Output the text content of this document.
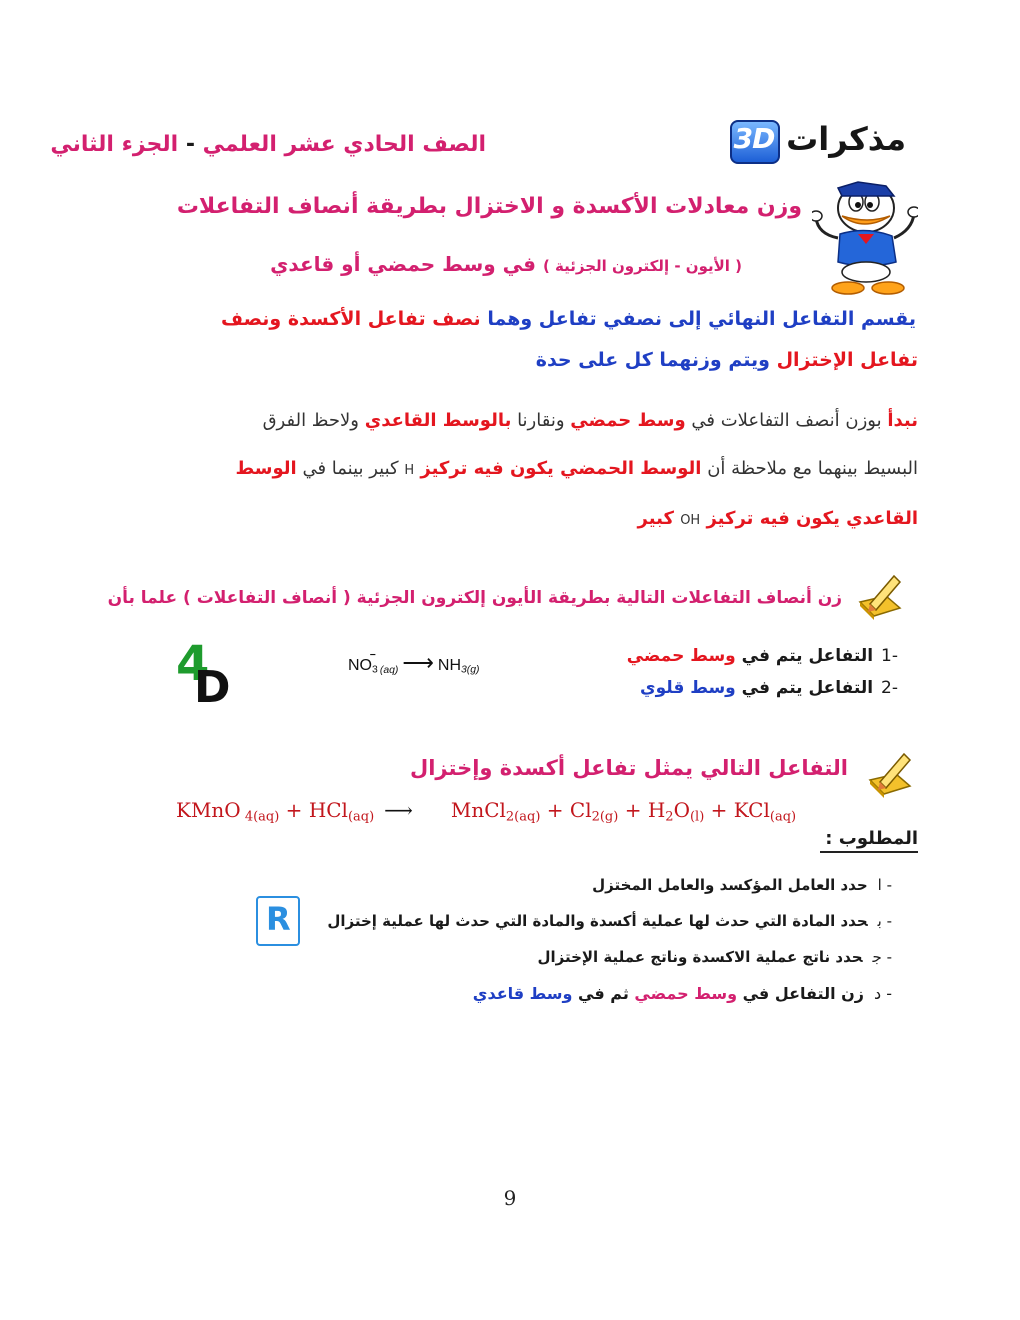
3D مذكرات
الصف الحادي عشر العلمي - الجزء الثاني
وزن معادلات الأكسدة و الاختزال بطريقة أنصاف التفاعلات
( الأيون - إلكترون الجزئية ) في وسط حمضي أو قاعدي
يقسم التفاعل النهائي إلى نصفي تفاعل وهما نصف تفاعل الأكسدة ونصف
تفاعل الإختزال ويتم وزنهما كل على حدة
نبدأ بوزن أنصف التفاعلات في وسط حمضي ونقارنا بالوسط القاعدي ولاحظ الفرق
البسيط بينهما مع ملاحظة أن الوسط الحمضي يكون فيه تركيز H كبير بينما في الوسط
القاعدي يكون فيه تركيز OH كبير
زن أنصاف التفاعلات التالية بطريقة الأيون إلكترون الجزئية ( أنصاف التفاعلات ) علما بأن
4
D	$NO_3^-_{(aq)}$ ⟶ $NH_{3(g)}$
-1التفاعل يتم في وسط حمضي
-2التفاعل يتم في وسط قلوي
التفاعل التالي يمثل تفاعل أكسدة وإختزال
KMnO $_{4(aq)}$ + HCl$_{(aq)}$ ⟶ MnCl$_{2(aq)}$ + $Cl_{2(g)} + H_2O_{(l)} + KCl_{(aq)}$
المطلوب :
R
- احدد العامل المؤكسد والعامل المختزل
- بحدد المادة التي حدث لها عملية أكسدة والمادة التي حدث لها عملية إختزال
- جحدد ناتج عملية الاكسدة وناتج عملية الإختزال
- دزن التفاعل في وسط حمضي ثم في وسط قاعدي
9
